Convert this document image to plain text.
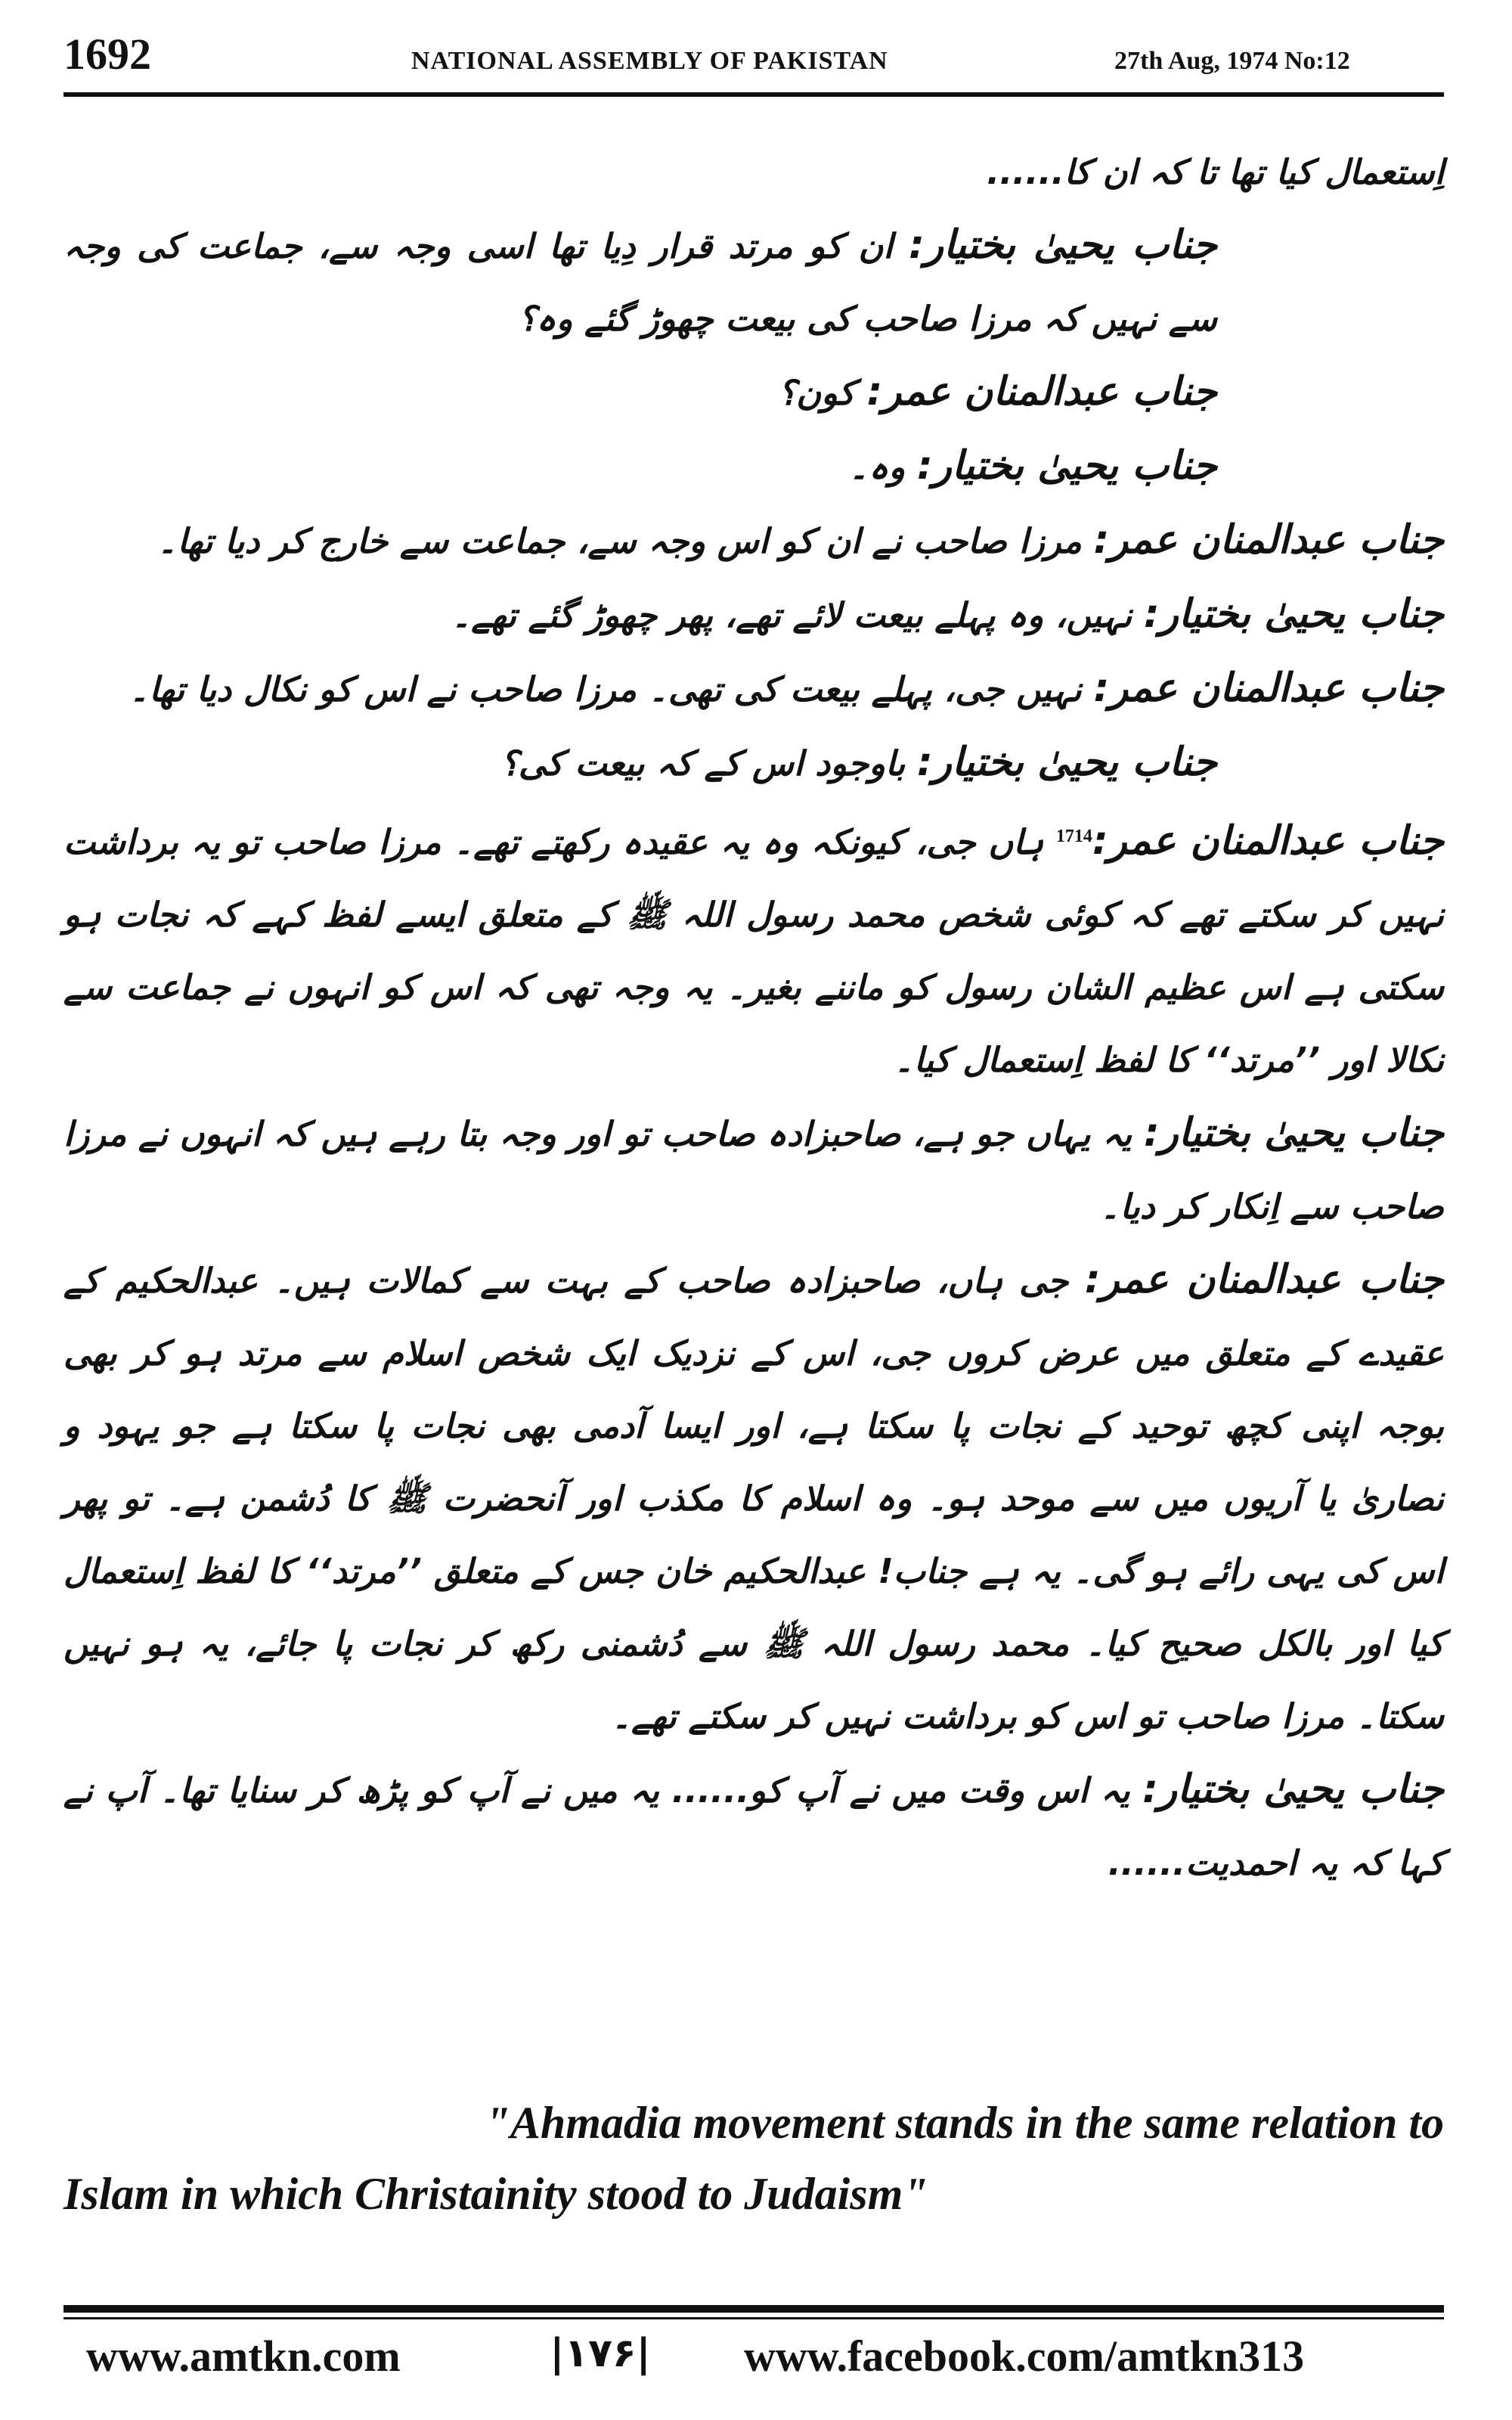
1692	NATIONAL ASSEMBLY OF PAKISTAN	27th Aug, 1974 No:12

اِستعمال کیا تھا تا کہ ان کا......

جناب یحییٰ بختیار: ان کو مرتد قرار دِیا تھا اسی وجہ سے، جماعت کی وجہ سے نہیں کہ مرزا صاحب کی بیعت چھوڑ گئے وہ؟

جناب عبدالمنان عمر: کون؟

جناب یحییٰ بختیار: وہ۔

جناب عبدالمنان عمر: مرزا صاحب نے ان کو اس وجہ سے، جماعت سے خارج کر دیا تھا۔

جناب یحییٰ بختیار: نہیں، وہ پہلے بیعت لائے تھے، پھر چھوڑ گئے تھے۔

جناب عبدالمنان عمر: نہیں جی، پہلے بیعت کی تھی۔ مرزا صاحب نے اس کو نکال دیا تھا۔

جناب یحییٰ بختیار: باوجود اس کے کہ بیعت کی؟

جناب عبدالمنان عمر:$^{1714}$ ہاں جی، کیونکہ وہ یہ عقیدہ رکھتے تھے۔ مرزا صاحب تو یہ برداشت نہیں کر سکتے تھے کہ کوئی شخص محمد رسول اللہ ﷺ کے متعلق ایسے لفظ کہے کہ نجات ہو سکتی ہے اس عظیم الشان رسول کو ماننے بغیر۔ یہ وجہ تھی کہ اس کو انہوں نے جماعت سے نکالا اور ’’مرتد‘‘ کا لفظ اِستعمال کیا۔

جناب یحییٰ بختیار: یہ یہاں جو ہے، صاحبزادہ صاحب تو اور وجہ بتا رہے ہیں کہ انہوں نے مرزا صاحب سے اِنکار کر دیا۔

جناب عبدالمنان عمر: جی ہاں، صاحبزادہ صاحب کے بہت سے کمالات ہیں۔ عبدالحکیم کے عقیدے کے متعلق میں عرض کروں جی، اس کے نزدیک ایک شخص اسلام سے مرتد ہو کر بھی بوجہ اپنی کچھ توحید کے نجات پا سکتا ہے، اور ایسا آدمی بھی نجات پا سکتا ہے جو یہود و نصاریٰ یا آریوں میں سے موحد ہو۔ وہ اسلام کا مکذب اور آنحضرت ﷺ کا دُشمن ہے۔ تو پھر اس کی یہی رائے ہو گی۔ یہ ہے جناب! عبدالحکیم خان جس کے متعلق ’’مرتد‘‘ کا لفظ اِستعمال کیا اور بالکل صحیح کیا۔ محمد رسول اللہ ﷺ سے دُشمنی رکھ کر نجات پا جائے، یہ ہو نہیں سکتا۔ مرزا صاحب تو اس کو برداشت نہیں کر سکتے تھے۔

جناب یحییٰ بختیار: یہ اس وقت میں نے آپ کو...... یہ میں نے آپ کو پڑھ کر سنایا تھا۔ آپ نے کہا کہ یہ احمدیت......

"Ahmadia movement stands in the same relation to
Islam in which Christainity stood to Judaism"
www.amtkn.com	|۱۷۶|	www.facebook.com/amtkn313
